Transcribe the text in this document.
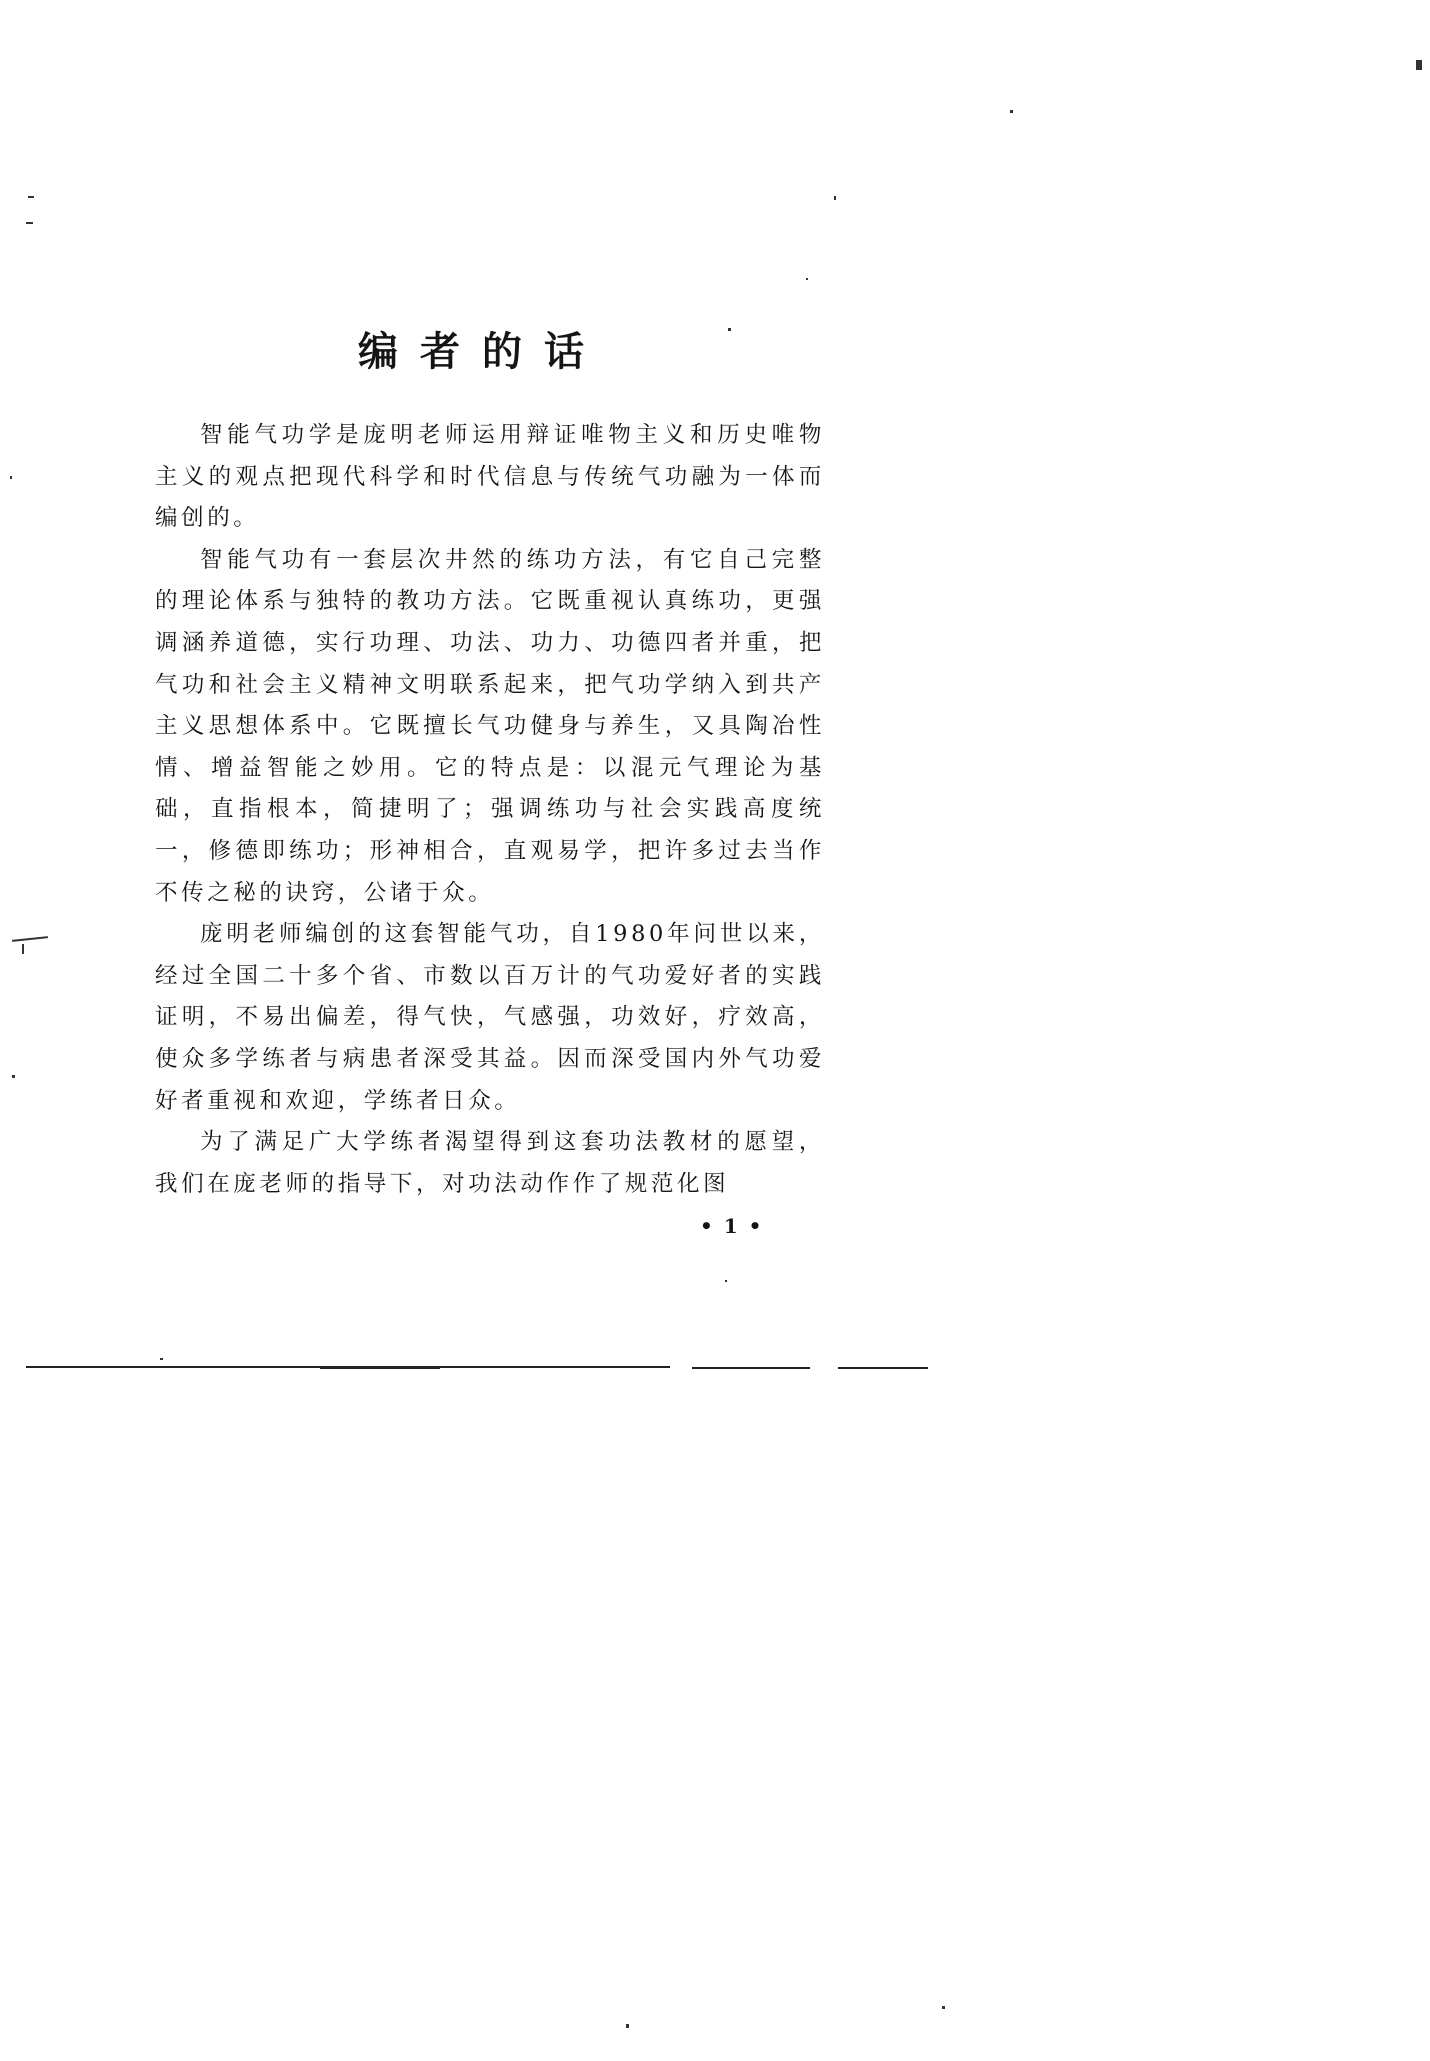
编者的话

智能气功学是庞明老师运用辩证唯物主义和历史唯物主义的观点把现代科学和时代信息与传统气功融为一体而编创的。

智能气功有一套层次井然的练功方法，有它自己完整的理论体系与独特的教功方法。它既重视认真练功，更强调涵养道德，实行功理、功法、功力、功德四者并重，把气功和社会主义精神文明联系起来，把气功学纳入到共产主义思想体系中。它既擅长气功健身与养生，又具陶冶性情、增益智能之妙用。它的特点是：以混元气理论为基础，直指根本，简捷明了；强调练功与社会实践高度统一，修德即练功；形神相合，直观易学，把许多过去当作不传之秘的诀窍，公诸于众。

庞明老师编创的这套智能气功，自1980年问世以来，经过全国二十多个省、市数以百万计的气功爱好者的实践证明，不易出偏差，得气快，气感强，功效好，疗效高，使众多学练者与病患者深受其益。因而深受国内外气功爱好者重视和欢迎，学练者日众。

为了满足广大学练者渴望得到这套功法教材的愿望，我们在庞老师的指导下，对功法动作作了规范化图

• 1 •
